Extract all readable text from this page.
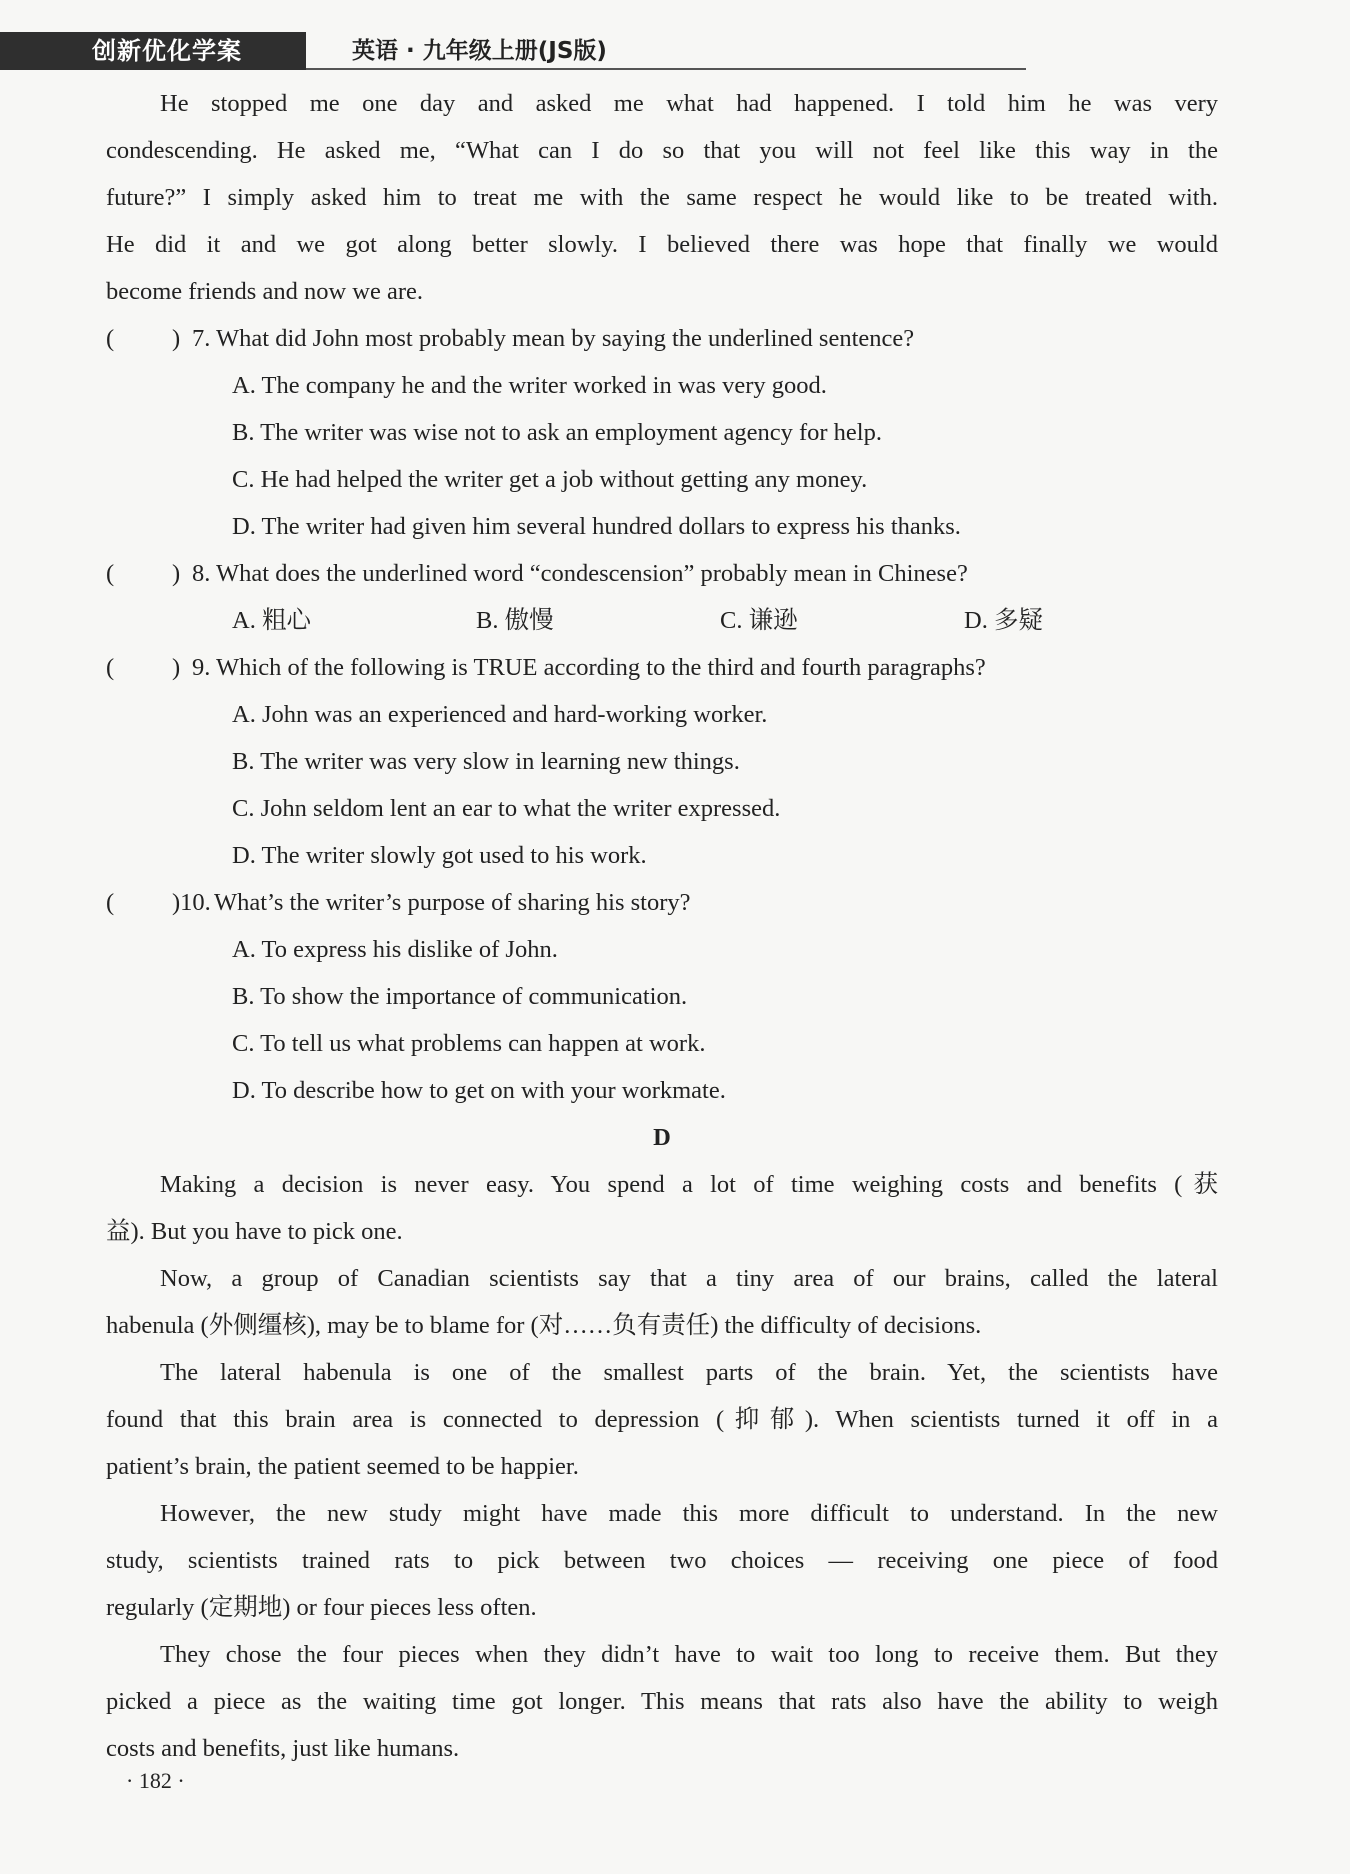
创新优化学案	英语 · 九年级上册(JS版)
He stopped me one day and asked me what had happened. I told him he was very
condescending. He asked me, “What can I do so that you will not feel like this way in the
future?” I simply asked him to treat me with the same respect he would like to be treated with.
He did it and we got along better slowly. I believed there was hope that finally we would
become friends and now we are.
( ) 7. What did John most probably mean by saying the underlined sentence?
A. The company he and the writer worked in was very good.
B. The writer was wise not to ask an employment agency for help.
C. He had helped the writer get a job without getting any money.
D. The writer had given him several hundred dollars to express his thanks.
( ) 8. What does the underlined word “condescension” probably mean in Chinese?
A. 粗心	B. 傲慢	C. 谦逊	D. 多疑
( ) 9. Which of the following is TRUE according to the third and fourth paragraphs?
A. John was an experienced and hard-working worker.
B. The writer was very slow in learning new things.
C. John seldom lent an ear to what the writer expressed.
D. The writer slowly got used to his work.
( )10. What’s the writer’s purpose of sharing his story?
A. To express his dislike of John.
B. To show the importance of communication.
C. To tell us what problems can happen at work.
D. To describe how to get on with your workmate.
D
Making a decision is never easy. You spend a lot of time weighing costs and benefits (获
益). But you have to pick one.
Now, a group of Canadian scientists say that a tiny area of our brains, called the lateral
habenula (外侧缰核), may be to blame for (对……负有责任) the difficulty of decisions.
The lateral habenula is one of the smallest parts of the brain. Yet, the scientists have
found that this brain area is connected to depression (抑郁). When scientists turned it off in a
patient’s brain, the patient seemed to be happier.
However, the new study might have made this more difficult to understand. In the new
study, scientists trained rats to pick between two choices — receiving one piece of food
regularly (定期地) or four pieces less often.
They chose the four pieces when they didn’t have to wait too long to receive them. But they
picked a piece as the waiting time got longer. This means that rats also have the ability to weigh
costs and benefits, just like humans.
· 182 ·
